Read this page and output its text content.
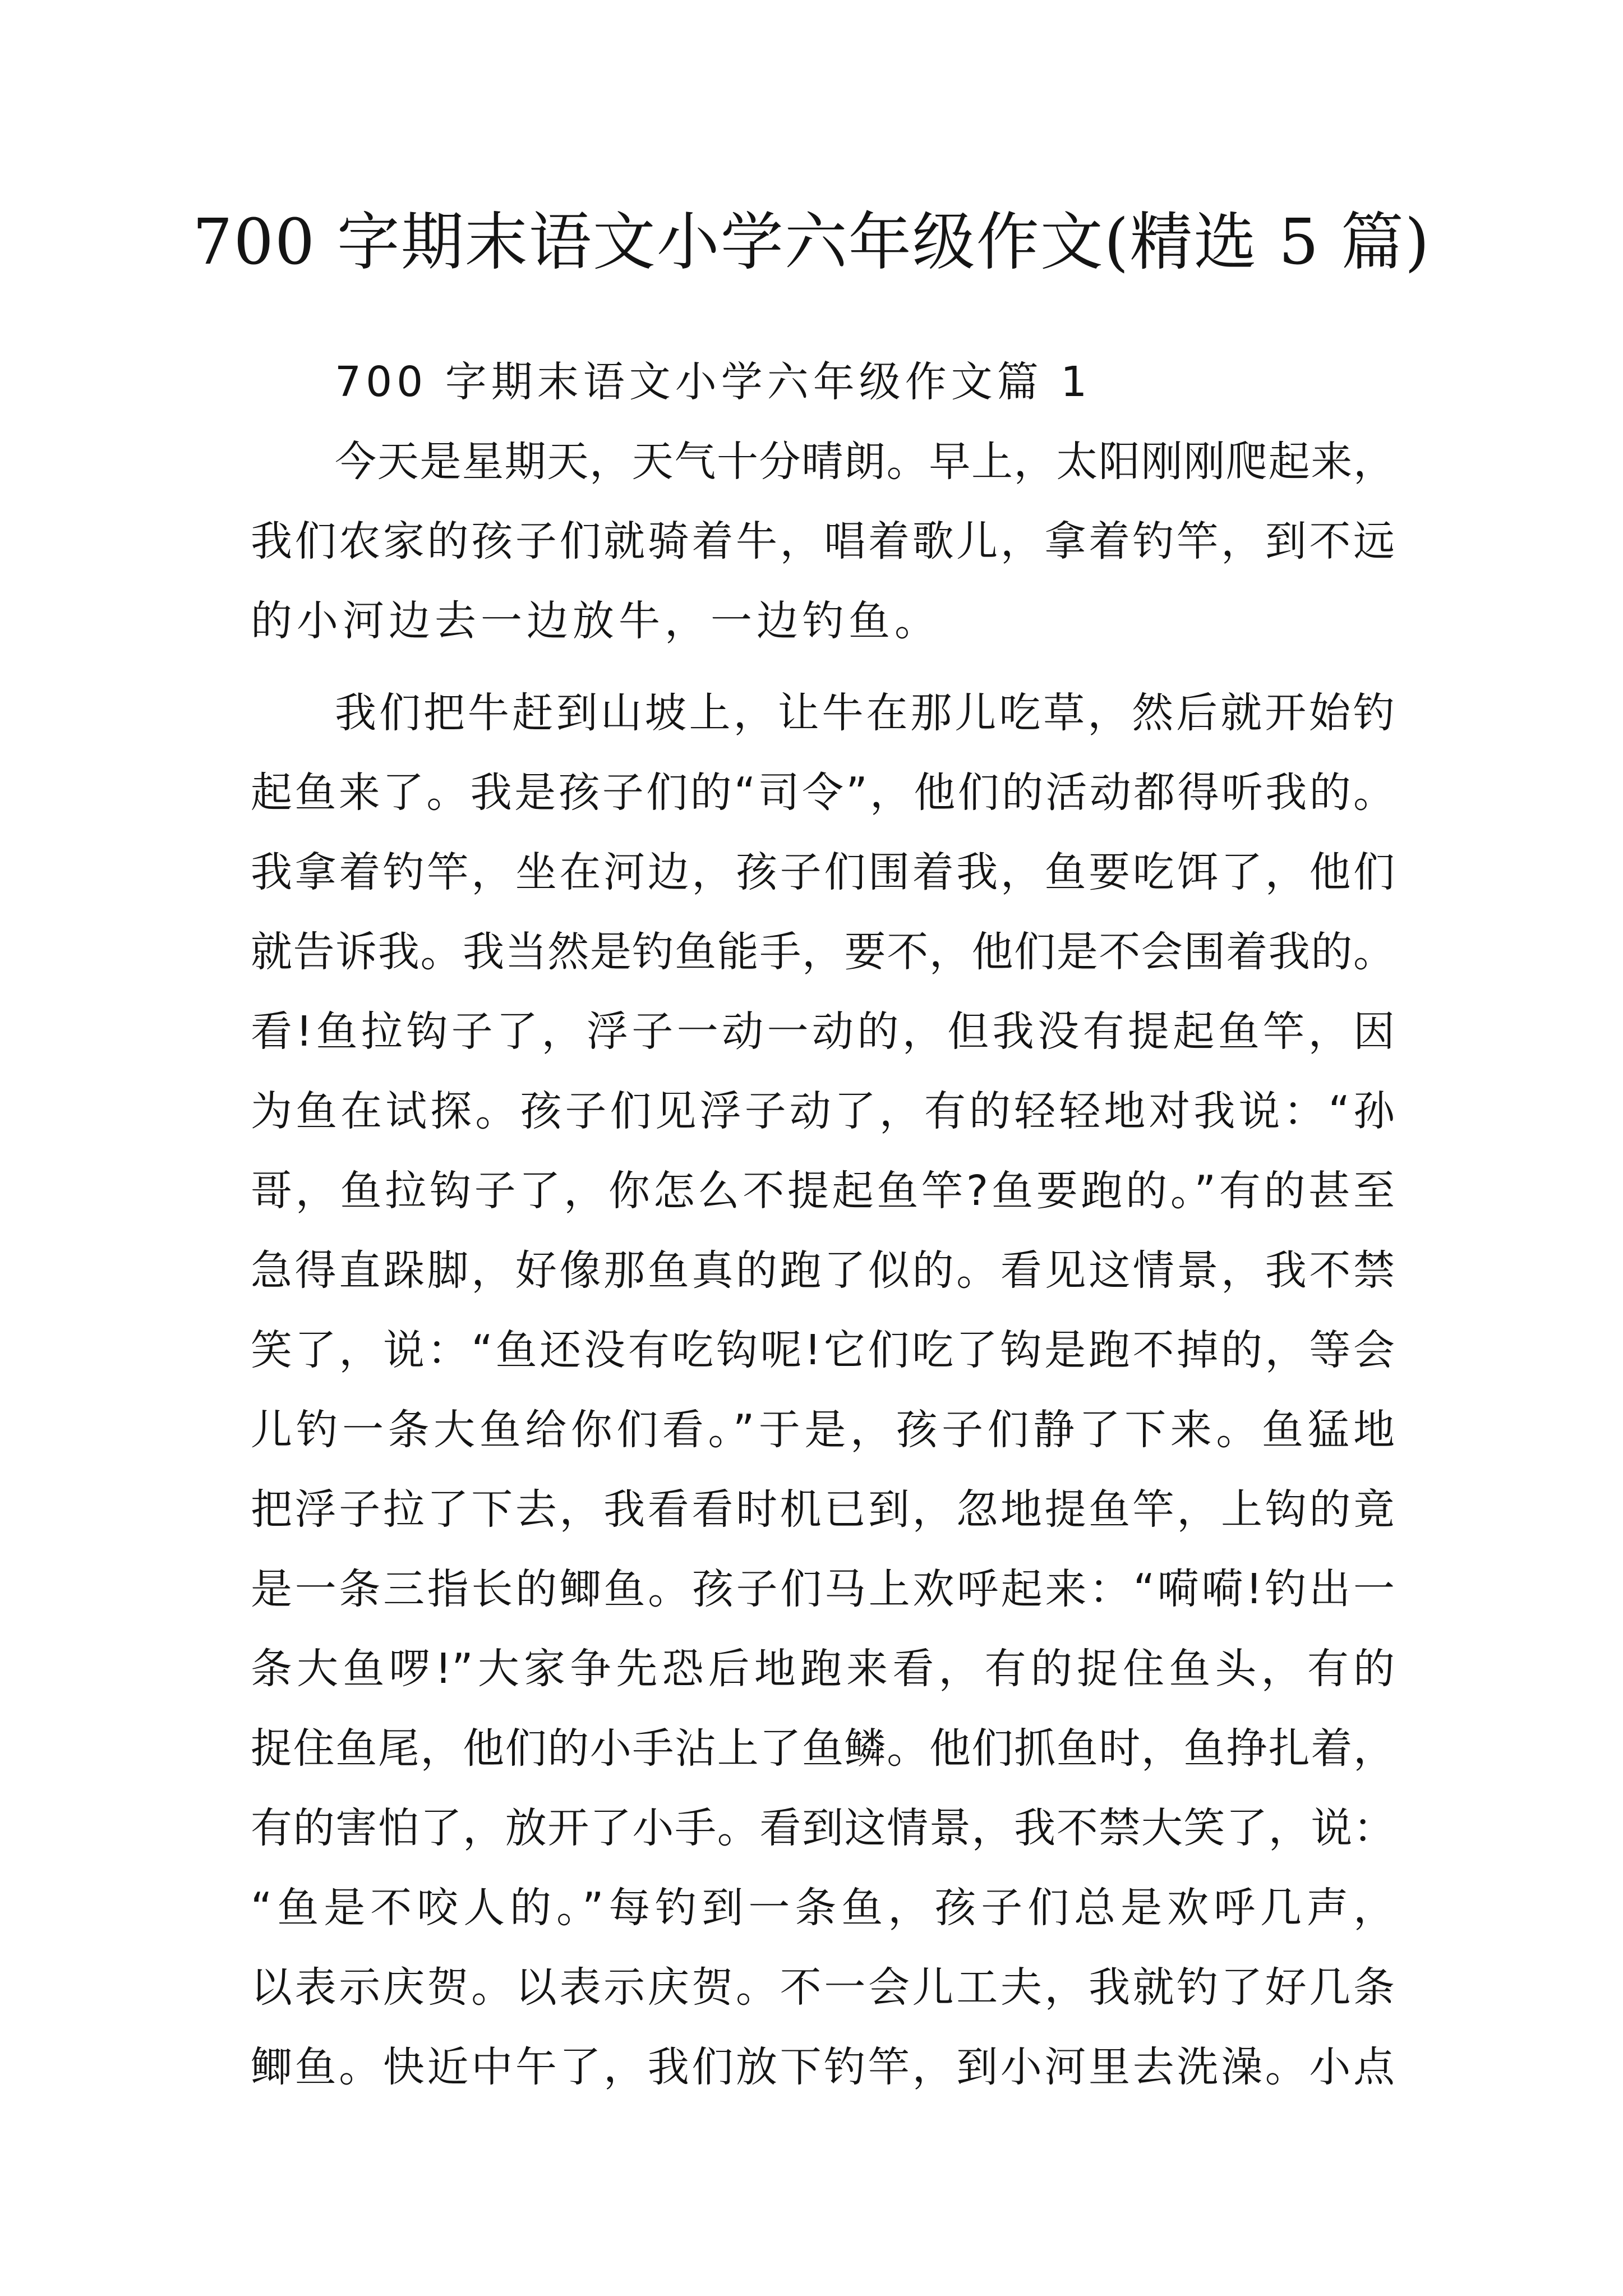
700 字期末语文小学六年级作文(精选 5 篇)
700 字期末语文小学六年级作文篇 1
今天是星期天，天气十分晴朗。早上，太阳刚刚爬起来，
我们农家的孩子们就骑着牛，唱着歌儿，拿着钓竿，到不远
的小河边去一边放牛，一边钓鱼。
我们把牛赶到山坡上，让牛在那儿吃草，然后就开始钓
起鱼来了。我是孩子们的“司令”，他们的活动都得听我的。
我拿着钓竿，坐在河边，孩子们围着我，鱼要吃饵了，他们
就告诉我。我当然是钓鱼能手，要不，他们是不会围着我的。
看!鱼拉钩子了，浮子一动一动的，但我没有提起鱼竿，因
为鱼在试探。孩子们见浮子动了，有的轻轻地对我说：“孙
哥，鱼拉钩子了，你怎么不提起鱼竿?鱼要跑的。”有的甚至
急得直跺脚，好像那鱼真的跑了似的。看见这情景，我不禁
笑了，说：“鱼还没有吃钩呢!它们吃了钩是跑不掉的，等会
儿钓一条大鱼给你们看。”于是，孩子们静了下来。鱼猛地
把浮子拉了下去，我看看时机已到，忽地提鱼竿，上钩的竟
是一条三指长的鲫鱼。孩子们马上欢呼起来：“嗬嗬!钓出一
条大鱼啰!”大家争先恐后地跑来看，有的捉住鱼头，有的
捉住鱼尾，他们的小手沾上了鱼鳞。他们抓鱼时，鱼挣扎着，
有的害怕了，放开了小手。看到这情景，我不禁大笑了，说：
“鱼是不咬人的。”每钓到一条鱼，孩子们总是欢呼几声，
以表示庆贺。以表示庆贺。不一会儿工夫，我就钓了好几条
鲫鱼。快近中午了，我们放下钓竿，到小河里去洗澡。小点
